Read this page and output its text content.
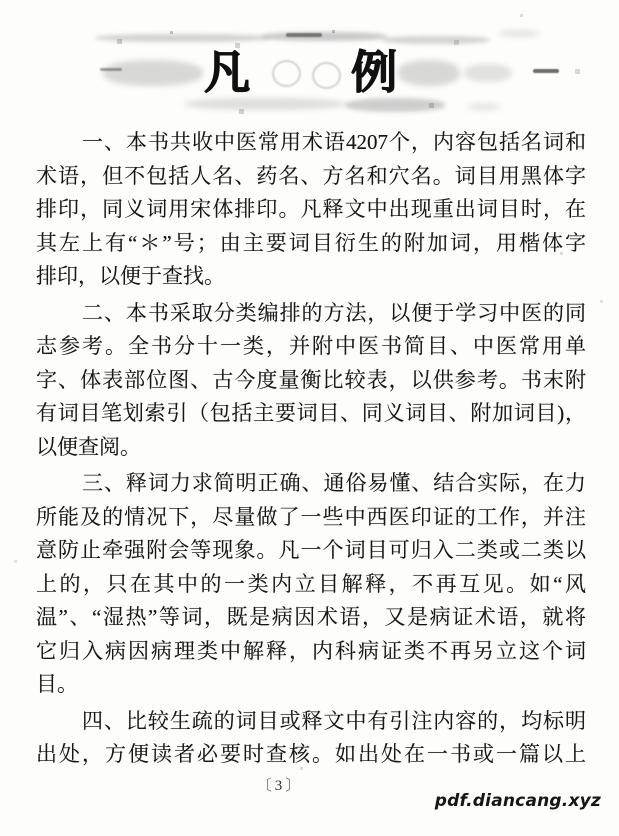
凡 例
一、本书共收中医常用术语4207个，内容包括名词和
术语，但不包括人名、药名、方名和穴名。词目用黑体字
排印，同义词用宋体排印。凡释文中出现重出词目时，在
其左上有“＊”号；由主要词目衍生的附加词，用楷体字
排印，以便于查找。
二、本书采取分类编排的方法，以便于学习中医的同
志参考。全书分十一类，并附中医书简目、中医常用单
字、体表部位图、古今度量衡比较表，以供参考。书末附
有词目笔划索引（包括主要词目、同义词目、附加词目)，
以便查阅。
三、释词力求简明正确、通俗易懂、结合实际，在力
所能及的情况下，尽量做了一些中西医印证的工作，并注
意防止牵强附会等现象。凡一个词目可归入二类或二类以
上的，只在其中的一类内立目解释，不再互见。如“风
温”、“湿热”等词，既是病因术语，又是病证术语，就将
它归入病因病理类中解释，内科病证类不再另立这个词
目。
四、比较生疏的词目或释文中有引注内容的，均标明
出处，方便读者必要时查核。如出处在一书或一篇以上
〔3〕
pdf.diancang.xyz
